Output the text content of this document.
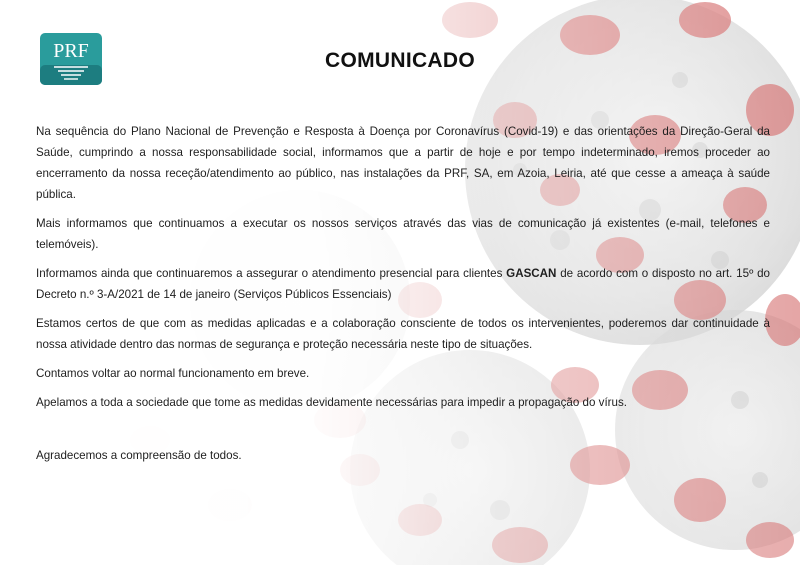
PRF	COMUNICADO

Na sequência do Plano Nacional de Prevenção e Resposta à Doença por Coronavírus (Covid-19) e das orientações da Direção-Geral da Saúde, cumprindo a nossa responsabilidade social, informamos que a partir de hoje e por tempo indeterminado, iremos proceder ao encerramento da nossa receção/atendimento ao público, nas instalações da PRF, SA, em Azoia, Leiria, até que cesse a ameaça à saúde pública.

Mais informamos que continuamos a executar os nossos serviços através das vias de comunicação já existentes (e-mail, telefones e telemóveis).

Informamos ainda que continuaremos a assegurar o atendimento presencial para clientes GASCAN de acordo com o disposto no art. 15º do Decreto n.º 3-A/2021 de 14 de janeiro (Serviços Públicos Essenciais)

Estamos certos de que com as medidas aplicadas e a colaboração consciente de todos os intervenientes, poderemos dar continuidade à nossa atividade dentro das normas de segurança e proteção necessária neste tipo de situações.

Contamos voltar ao normal funcionamento em breve.

Apelamos a toda a sociedade que tome as medidas devidamente necessárias para impedir a propagação do vírus.

Agradecemos a compreensão de todos.
